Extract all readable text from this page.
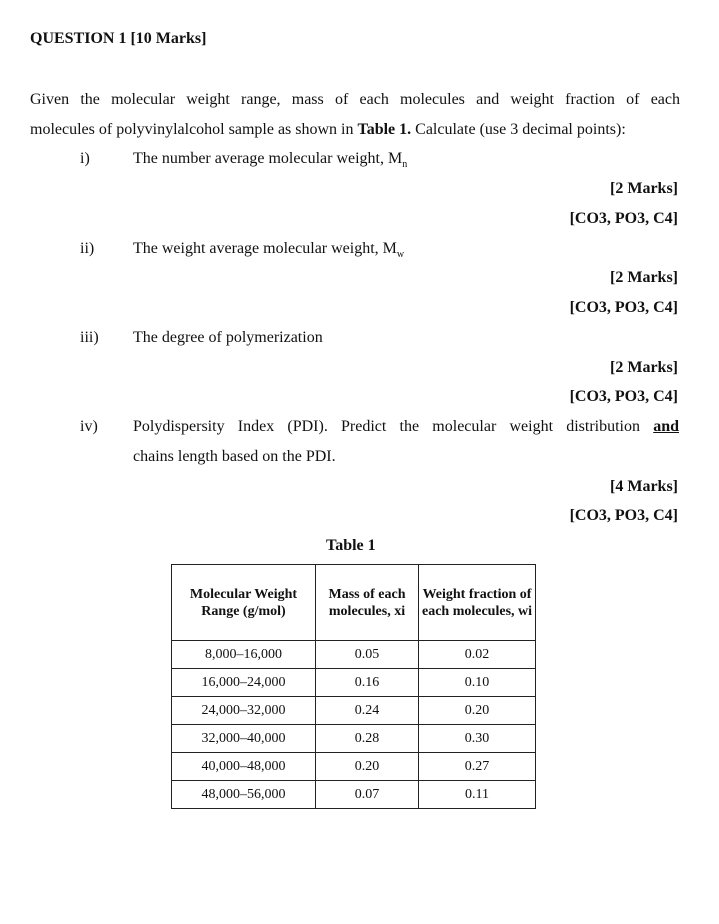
QUESTION 1 [10 Marks]
Given the molecular weight range, mass of each molecules and weight fraction of each
molecules of polyvinylalcohol sample as shown in Table 1. Calculate (use 3 decimal points):
i)	The number average molecular weight, $M_n$
[2 Marks]
[CO3, PO3, C4]
ii) The weight average molecular weight, $M_w$
[2 Marks]
[CO3, PO3, C4]
iii) The degree of polymerization
[2 Marks]
[CO3, PO3, C4]
iv) Polydispersity Index (PDI). Predict the molecular weight distribution and
chains length based on the PDI.
[4 Marks]
[CO3, PO3, C4]
Table 1
Molecular Weight Range (g/mol)	Mass of each molecules, xi	Weight fraction of each molecules, wi
8,000–16,000	0.05	0.02
16,000–24,000	0.16	0.10
24,000–32,000	0.24	0.20
32,000–40,000	0.28	0.30
40,000–48,000	0.20	0.27
48,000–56,000	0.07	0.11
